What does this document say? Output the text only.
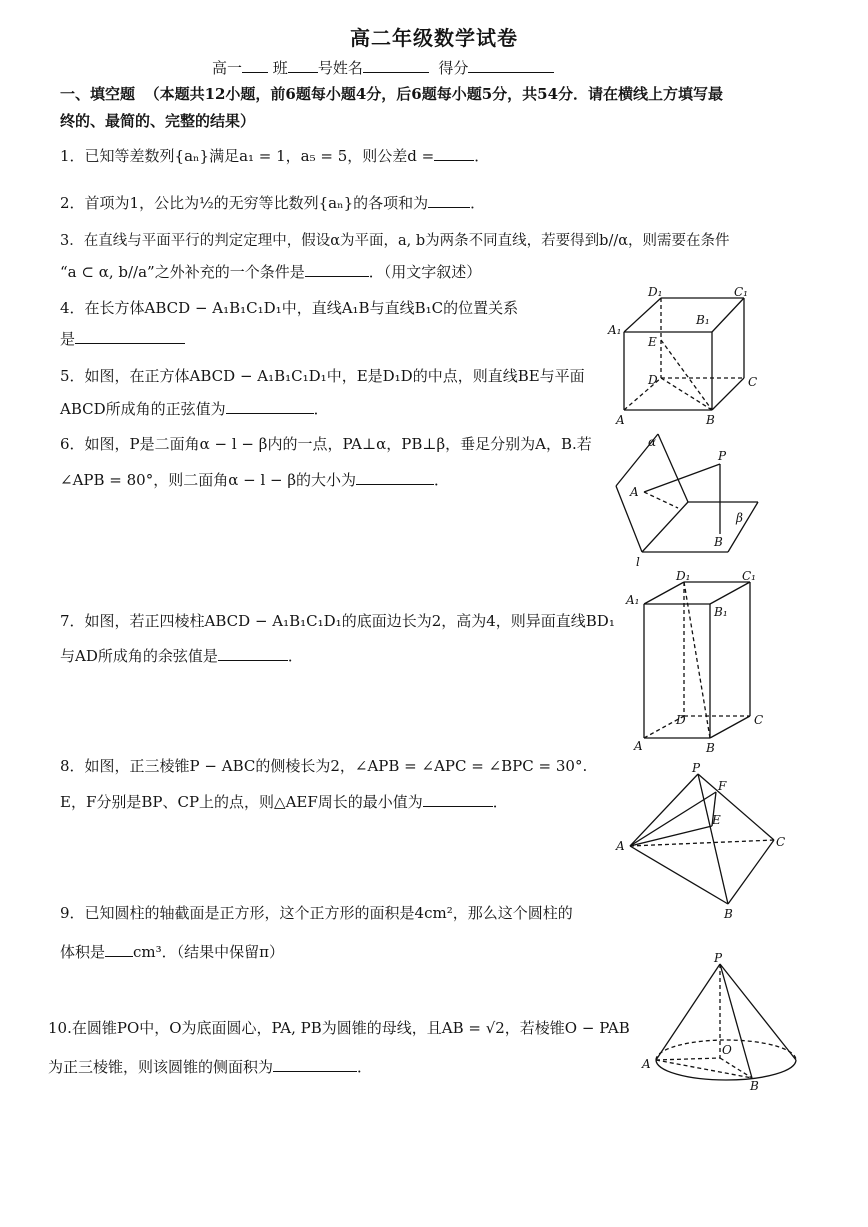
高二年级数学试卷
高一 班 号姓名	得分
一、填空题 （本题共12小题，前6题每小题4分，后6题每小题5分，共54分．请在横线上方填写最
终的、最简的、完整的结果）
1．已知等差数列{aₙ}满足a₁ = 1，a₅ = 5，则公差d =	．
2．首项为1，公比为½的无穷等比数列{aₙ}的各项和为	．
3．在直线与平面平行的判定定理中，假设α为平面，a, b为两条不同直线，若要得到b//α，则需要在条件
“a ⊂ α, b//a”之外补充的一个条件是	．（用文字叙述）
4．在长方体ABCD − A₁B₁C₁D₁中，直线A₁B与直线B₁C的位置关系
是
5．如图，在正方体ABCD − A₁B₁C₁D₁中，E是D₁D的中点，则直线BE与平面
ABCD所成角的正弦值为	．
6．如图，P是二面角α − l − β内的一点，PA⊥α，PB⊥β，垂足分别为A，B.若
∠APB = 80°，则二面角α − l − β的大小为	．
7．如图，若正四棱柱ABCD − A₁B₁C₁D₁的底面边长为2，高为4，则异面直线BD₁
与AD所成角的余弦值是	．
8．如图，正三棱锥P − ABC的侧棱长为2，∠APB = ∠APC = ∠BPC = 30°.
E，F分别是BP、CP上的点，则△AEF周长的最小值为	．
9．已知圆柱的轴截面是正方形，这个正方形的面积是4cm²，那么这个圆柱的
体积是 cm³．（结果中保留π）
10.在圆锥PO中，O为底面圆心，PA, PB为圆锥的母线，且AB = √2，若棱锥O − PAB
为正三棱锥，则该圆锥的侧面积为	．
D₁	C₁
A₁
B₁
E
D	C
A	B
α
P
A
β
B
l
D₁	C₁
A₁
B₁
D	C
A	B
P
F
E
A	C
B
P
O
A
B
